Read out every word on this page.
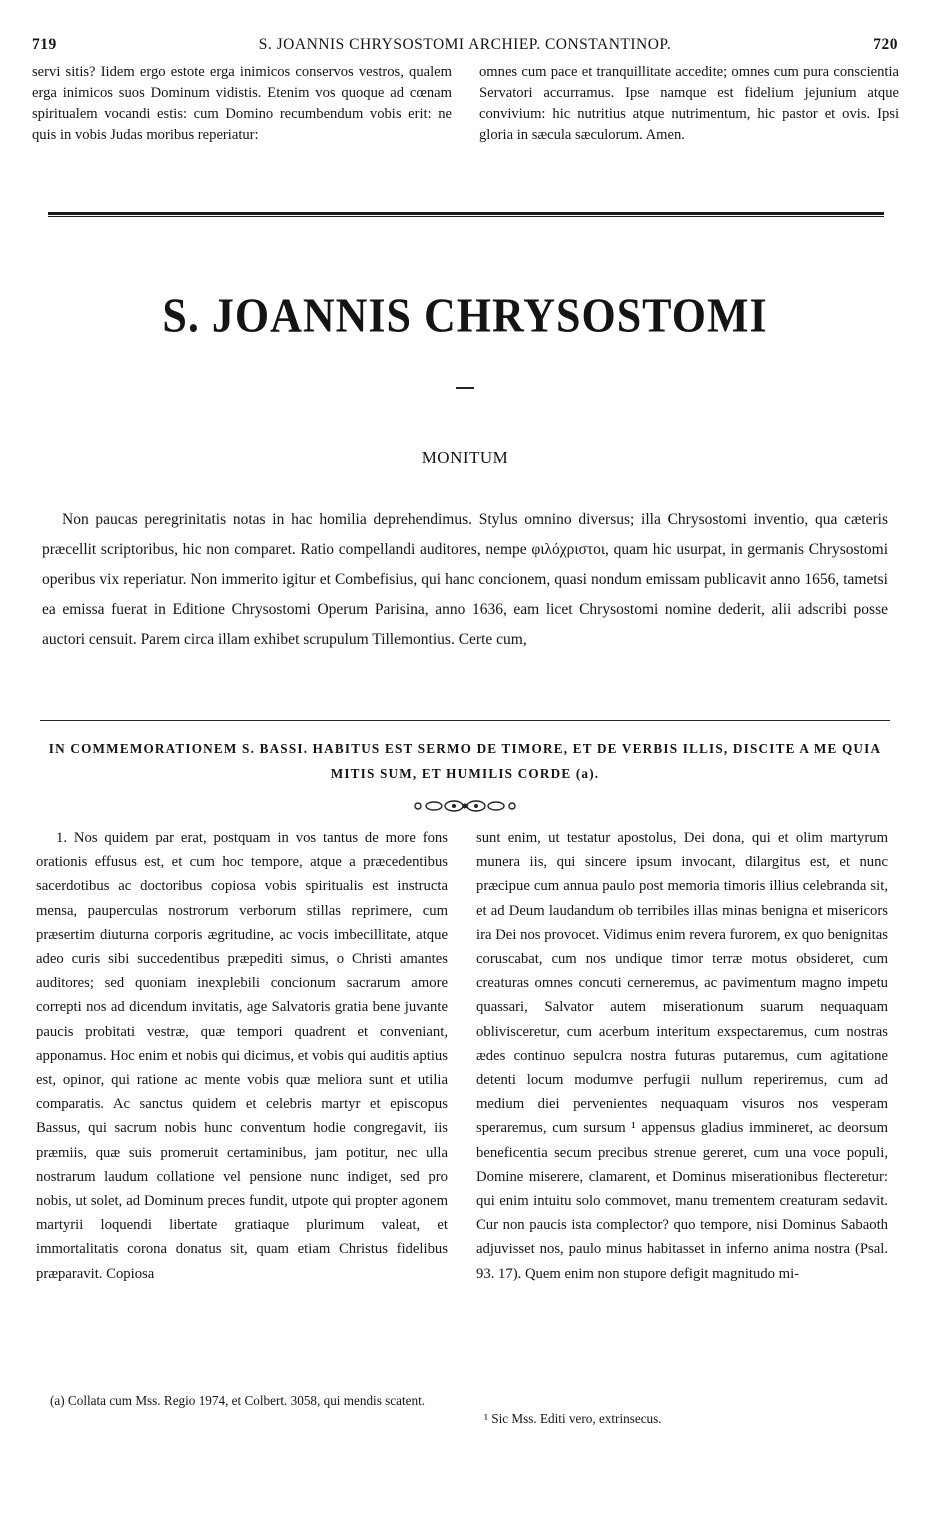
719	S. JOANNIS CHRYSOSTOMI ARCHIEP. CONSTANTINOP.	720

servi sitis? Iidem ergo estote erga inimicos conservos vestros, qualem erga inimicos suos Dominum vidistis. Etenim vos quoque ad cœnam spiritualem vocandi estis: cum Domino recumbendum vobis erit: ne quis in vobis Judas moribus reperiatur:

omnes cum pace et tranquillitate accedite; omnes cum pura conscientia Servatori accurramus. Ipse namque est fidelium jejunium atque convivium: hic nutritius atque nutrimentum, hic pastor et ovis. Ipsi gloria in sæcula sæculorum. Amen.

S. JOANNIS CHRYSOSTOMI
MONITUM
Non paucas peregrinitatis notas in hac homilia deprehendimus. Stylus omnino diversus; illa Chrysostomi inventio, qua cæteris præcellit scriptoribus, hic non comparet. Ratio compellandi auditores, nempe φιλόχριστοι, quam hic usurpat, in germanis Chrysostomi operibus vix reperiatur. Non immerito igitur et Combefisius, qui hanc concionem, quasi nondum emissam publicavit anno 1656, tametsi ea emissa fuerat in Editione Chrysostomi Operum Parisina, anno 1636, eam licet Chrysostomi nomine dederit, alii adscribi posse auctori censuit. Parem circa illam exhibet scrupulum Tillemontius. Certe cum,
IN COMMEMORATIONEM S. BASSI. HABITUS EST SERMO DE TIMORE, ET DE VERBIS ILLIS, DISCITE A ME QUIA MITIS SUM, ET HUMILIS CORDE (a).

1. Nos quidem par erat, postquam in vos tantus de more fons orationis effusus est, et cum hoc tempore, atque a præcedentibus sacerdotibus ac doctoribus copiosa vobis spiritualis est instructa mensa, pauperculas nostrorum verborum stillas reprimere, cum præsertim diuturna corporis ægritudine, ac vocis imbecillitate, atque adeo curis sibi succedentibus præpediti simus, o Christi amantes auditores; sed quoniam inexplebili concionum sacrarum amore correpti nos ad dicendum invitatis, age Salvatoris gratia bene juvante paucis probitati vestræ, quæ tempori quadrent et conveniant, apponamus. Hoc enim et nobis qui dicimus, et vobis qui auditis aptius est, opinor, qui ratione ac mente vobis quæ meliora sunt et utilia comparatis. Ac sanctus quidem et celebris martyr et episcopus Bassus, qui sacrum nobis hunc conventum hodie congregavit, iis præmiis, quæ suis promeruit certaminibus, jam potitur, nec ulla nostrarum laudum collatione vel pensione nunc indiget, sed pro nobis, ut solet, ad Dominum preces fundit, utpote qui propter agonem martyrii loquendi libertate gratiaque plurimum valeat, et immortalitatis corona donatus sit, quam etiam Christus fidelibus præparavit. Copiosa

sunt enim, ut testatur apostolus, Dei dona, qui et olim martyrum munera iis, qui sincere ipsum invocant, dilargitus est, et nunc præcipue cum annua paulo post memoria timoris illius celebranda sit, et ad Deum laudandum ob terribiles illas minas benigna et misericors ira Dei nos provocet. Vidimus enim revera furorem, ex quo benignitas coruscabat, cum nos undique timor terræ motus obsideret, cum creaturas omnes concuti cerneremus, ac pavimentum magno impetu quassari, Salvator autem miserationum suarum nequaquam oblivisceretur, cum acerbum interitum exspectaremus, cum nostras ædes continuo sepulcra nostra futuras putaremus, cum agitatione detenti locum modumve perfugii nullum reperiremus, cum ad medium diei pervenientes nequaquam visuros nos vesperam speraremus, cum sursum ¹ appensus gladius immineret, ac deorsum beneficentia secum precibus strenue gereret, cum una voce populi, Domine miserere, clamarent, et Dominus miserationibus flecteretur: qui enim intuitu solo commovet, manu trementem creaturam sedavit. Cur non paucis ista complector? quo tempore, nisi Dominus Sabaoth adjuvisset nos, paulo minus habitasset in inferno anima nostra (Psal. 93. 17). Quem enim non stupore defigit magnitudo mi-

(a) Collata cum Mss. Regio 1974, et Colbert. 3058, qui mendis scatent.
¹ Sic Mss. Editi vero, extrinsecus.
